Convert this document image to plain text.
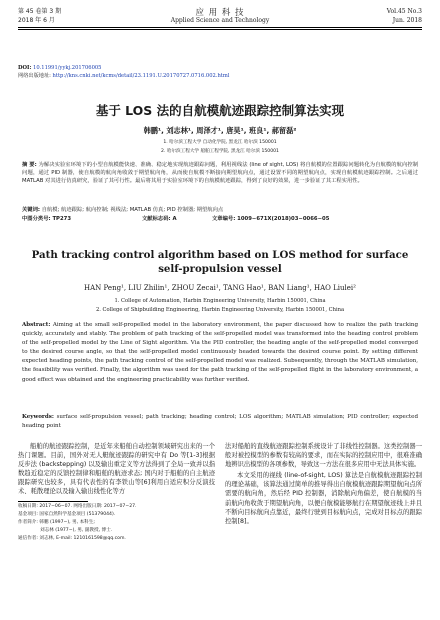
第 45 卷第 3 期
2018 年 6 月
应 用 科 技
Applied Science and Technology
Vol.45 No.3
Jun. 2018
DOI: 10.11991/yykj.201706005
网络出版地址: http://kns.cnki.net/kcms/detail/23.1191.U.20170727.0716.002.html
基于 LOS 法的自航模航迹跟踪控制算法实现
韩鹏¹, 刘志林¹, 周泽才¹, 唐昊¹, 班良¹, 郝留磊²
1. 哈尔滨工程大学 自动化学院, 黑龙江 哈尔滨 150001
2. 哈尔滨工程大学 船舶工程学院, 黑龙江 哈尔滨 150001
摘 要: 为解决实验室环境下的小型自航模能快速、准确、稳定地实现航迹跟踪问题，利用视线法 (line of sight, LOS) 将自航模的位置跟踪问题转化为自航模的航向控制问题，通过 PID 制器，使自航模的航向角收敛于期望航向角，从而使自航模不断接向期望航向点，通过设置不同的期望航向点，实现自航模航迹跟踪控制。之后通过 MATLAB 对其进行仿真研究，验证了其可行性。最后将其用于实验室环境下的自航模航迹跟踪，得到了良好的效果，进一步验证了其工程实用性。
关键词: 自航模; 航迹跟踪; 航向控制; 视线法; MATLAB 仿真; PID 控制器; 期望航向点
中图分类号: TP273	文献标志码: A	文章编号: 1009−671X(2018)03−0066−05
Path tracking control algorithm based on LOS method for surface self-propulsion vessel
HAN Peng¹, LIU Zhilin¹, ZHOU Zecai¹, TANG Hao¹, BAN Liang¹, HAO Liulei²
1. College of Automation, Harbin Engineering University, Harbin 150001, China
2. College of Shipbuilding Engineering, Harbin Engineering University, Harbin 150001, China
Abstract: Aiming at the small self-propelled model in the laboratory environment, the paper discussed how to realize the path tracking quickly, accurately and stably. The problem of path tracking of the self-propelled model was transformed into the heading control problem of the self-propelled model by the Line of Sight algorithm. Via the PID controller, the heading angle of the self-propelled model converged to the desired course angle, so that the self-propelled model continuously headed towards the desired course point. By setting different expected heading points, the path tracking control of the self-propelled model was realized. Subsequently, through the MATLAB simulation, the feasibility was verified. Finally, the algorithm was used for the path tracking of the self-propelled flight in the laboratory environment, a good effect was obtained and the engineering practicability was further verified.
Keywords: surface self-propulsion vessel; path tracking; heading control; LOS algorithm; MATLAB simulation; PID controller; expected heading point

船舶的航迹跟踪控制，是近年来船舶自动控制领域研究出来的一个热门课题。目前，国外对无人艇航迹跟踪的研究中有 Do 等[1-3]根据反步法 (backstepping) 以及输出重定义等方法得到了全局一致并以指数趋近稳定的反馈控制律和船舶的航迹求态; 国内对于船舶的自主航迹跟踪研究也较多，具有代表性的有李铁山等[6]利用自适应积分反演技术、耗散理论以及输入输出线性化等方

收稿日期: 2017−06−07. 网络出版日期: 2017−07−27.

基金项目: 国家自然科学基金项目 (51379044).

作者简介: 韩鹏 (1997−), 男, 本科生;

刘志林 (1977−), 男, 副教授, 博士.

通信作者: 刘志林, E-mail: 1210161598@qq.com.

法对船舶的直线航迹跟踪控制系统设计了非线性控制器。这类控制器一般对被控模型的参数有较高的要求，而在实际的控制应用中，很难准确地辨识出模型的各项参数，导致这一方法在很多应用中无法具体实施。

本文采用的视线 (line-of-sight, LOS) 算法是自航模航迹跟踪控制的理论基础，该算法通过简单的推导得出自航模航迹跟踪期望航向点所需要的航向角，然后经 PID 控制器，消除航向角偏差，使自航模的当前航向角收敛于期望航向角，以便自航模能够航行在期望航迹线上并且不断向目标航向点靠近，最终行驶到目标航向点，完成对目标点的跟踪控制[8]。
